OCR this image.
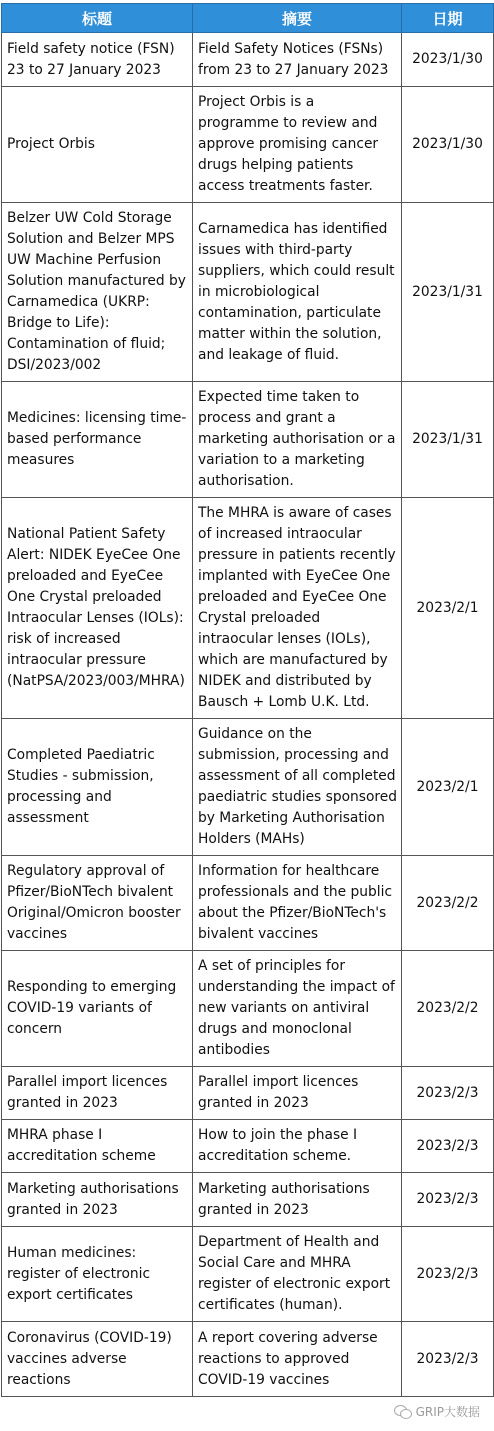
标题	摘要	日期
Field safety notice (FSN) 23 to 27 January 2023	Field Safety Notices (FSNs) from 23 to 27 January 2023	2023/1/30
Project Orbis	Project Orbis is a programme to review and approve promising cancer drugs helping patients access treatments faster.	2023/1/30
Belzer UW Cold Storage Solution and Belzer MPS UW Machine Perfusion Solution manufactured by Carnamedica (UKRP: Bridge to Life): Contamination of fluid; DSI/2023/002	Carnamedica has identified issues with third-party suppliers, which could result in microbiological contamination, particulate matter within the solution, and leakage of fluid.	2023/1/31
Medicines: licensing time-based performance measures	Expected time taken to process and grant a marketing authorisation or a variation to a marketing authorisation.	2023/1/31
National Patient Safety Alert: NIDEK EyeCee One preloaded and EyeCee One Crystal preloaded Intraocular Lenses (IOLs): risk of increased intraocular pressure (NatPSA/2023/003/MHRA)	The MHRA is aware of cases of increased intraocular pressure in patients recently implanted with EyeCee One preloaded and EyeCee One Crystal preloaded intraocular lenses (IOLs), which are manufactured by NIDEK and distributed by Bausch + Lomb U.K. Ltd.	2023/2/1
Completed Paediatric Studies - submission, processing and assessment	Guidance on the submission, processing and assessment of all completed paediatric studies sponsored by Marketing Authorisation Holders (MAHs)	2023/2/1
Regulatory approval of Pfizer/BioNTech bivalent Original/Omicron booster vaccines	Information for healthcare professionals and the public about the Pfizer/BioNTech's bivalent vaccines	2023/2/2
Responding to emerging COVID-19 variants of concern	A set of principles for understanding the impact of new variants on antiviral drugs and monoclonal antibodies	2023/2/2
Parallel import licences granted in 2023	Parallel import licences granted in 2023	2023/2/3
MHRA phase I accreditation scheme	How to join the phase I accreditation scheme.	2023/2/3
Marketing authorisations granted in 2023	Marketing authorisations granted in 2023	2023/2/3
Human medicines: register of electronic export certificates	Department of Health and Social Care and MHRA register of electronic export certificates (human).	2023/2/3
Coronavirus (COVID-19) vaccines adverse reactions	A report covering adverse reactions to approved COVID-19 vaccines	2023/2/3
GRIP大数据
